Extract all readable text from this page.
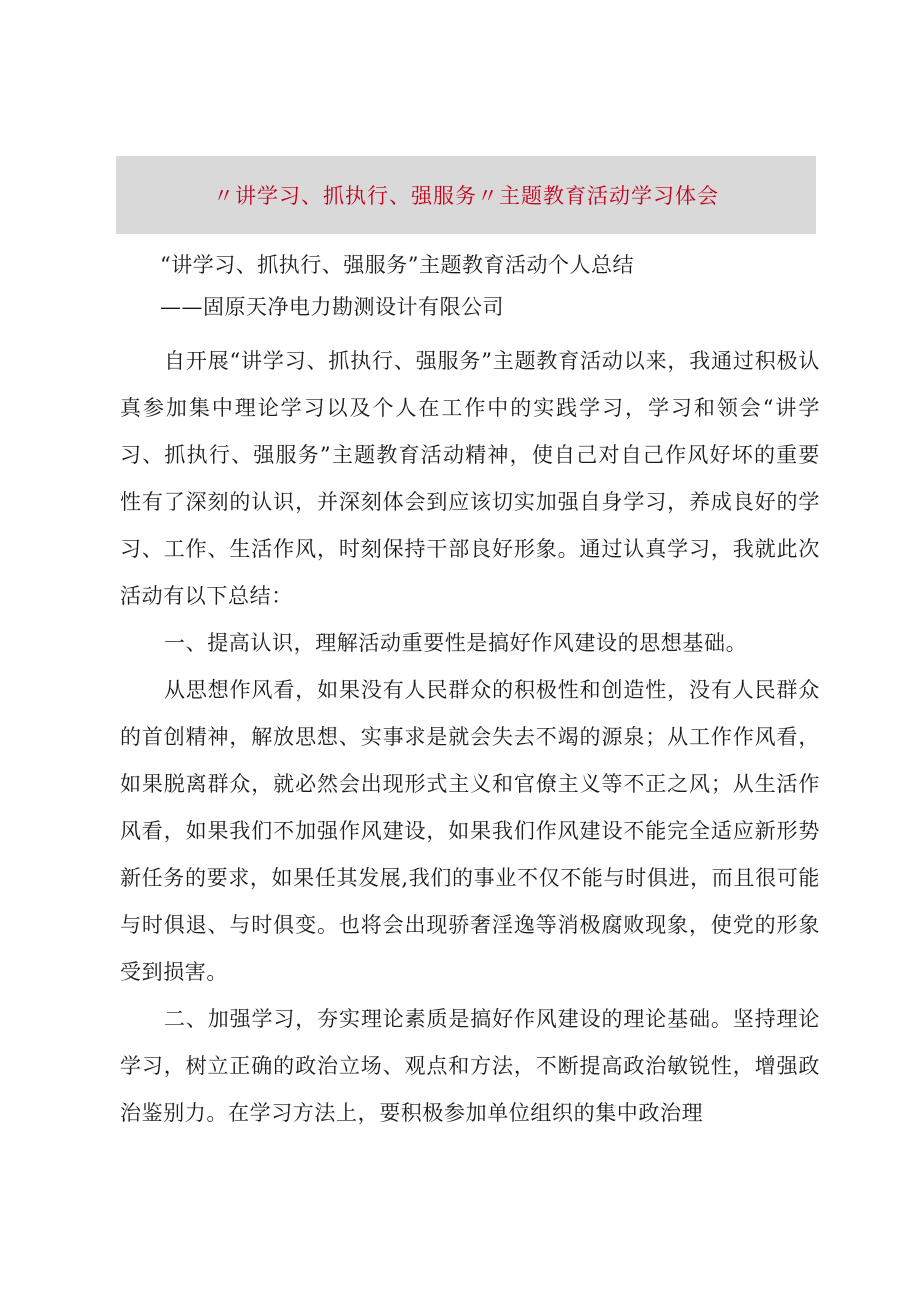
〃讲学习、抓执行、强服务〃主题教育活动学习体会
“讲学习、抓执行、强服务”主题教育活动个人总结
——固原天净电力勘测设计有限公司

自开展“讲学习、抓执行、强服务”主题教育活动以来，我通过积极认真参加集中理论学习以及个人在工作中的实践学习，学习和领会“讲学习、抓执行、强服务”主题教育活动精神，使自己对自己作风好坏的重要性有了深刻的认识，并深刻体会到应该切实加强自身学习，养成良好的学习、工作、生活作风，时刻保持干部良好形象。通过认真学习，我就此次活动有以下总结：

一、提高认识，理解活动重要性是搞好作风建设的思想基础。

从思想作风看，如果没有人民群众的积极性和创造性，没有人民群众的首创精神，解放思想、实事求是就会失去不竭的源泉；从工作作风看，如果脱离群众，就必然会出现形式主义和官僚主义等不正之风；从生活作风看，如果我们不加强作风建设，如果我们作风建设不能完全适应新形势新任务的要求，如果任其发展,我们的事业不仅不能与时俱进，而且很可能与时俱退、与时俱变。也将会出现骄奢淫逸等消极腐败现象，使党的形象受到损害。

二、加强学习，夯实理论素质是搞好作风建设的理论基础。坚持理论学习，树立正确的政治立场、观点和方法，不断提高政治敏锐性，增强政治鉴别力。在学习方法上，要积极参加单位组织的集中政治理
